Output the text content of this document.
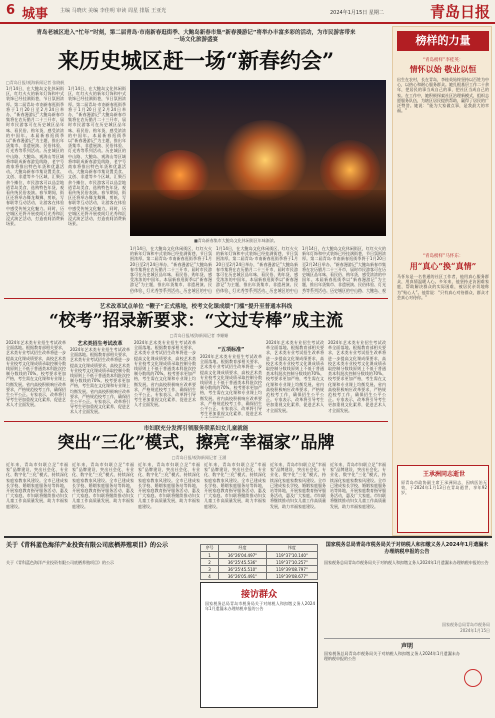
6 城事 主编 马晓庆 美编 李佳明 审读 周星 排版 王亚光	2024年1月15日 星期二	青岛日报
青岛老城区进入“忙年”时刻，第二届青岛·市南新春逛街季、大鲍岛新春市集“新春漫游记”将举办丰富多彩的活动，为市民游客带来一场文化旅游盛宴
来历史城区赶一场“新春约会”
□青岛日报/观海新闻记者 张晓帆
1月14日，在大鲍岛文化休闲街区，红红火火的新年灯饰和中式装饰已经挂满街巷，节日氛围浓厚。第二届青岛·市南新春逛街季将于1月20日至2月24日举办，“新春漫游记”大鲍岛新春市集将在农历腊月二十三开市，届时市民游客可在历史城区品年味、看民俗、购年货，感受浓浓的中国年。本届新春逛街季以“新春漫游记”为主题，推出年货集市、非遗展演、民俗体验、灯光秀等系列活动。历史城区的中山路、大鲍岛、观海山等区域将串联成新春游览线路，老字号商家将推出特色年货和优惠活动。大鲍岛新春市集设置美食、文创、非遗等多个区域，汇聚百余个摊位，市民游客可以品尝地道青岛美食，选购特色年货，观看传统民俗表演。春节期间，街区还将举办舞龙舞狮、剪纸、写春联等互动活动，让游客在体验中感受传统文化魅力。同时，历史城区还将开展夜间灯光秀和沉浸式演艺活动，打造夜间消费新场景。
1月14日，在大鲍岛文化休闲街区，红红火火的新年灯饰和中式装饰已经挂满街巷，节日氛围浓厚。第二届青岛·市南新春逛街季将于1月20日至2月24日举办，“新春漫游记”大鲍岛新春市集将在农历腊月二十三开市，届时市民游客可在历史城区品年味、看民俗、购年货，感受浓浓的中国年。本届新春逛街季以“新春漫游记”为主题，推出年货集市、非遗展演、民俗体验、灯光秀等系列活动。历史城区的中山路、大鲍岛、观海山等区域将串联成新春游览线路，老字号商家将推出特色年货和优惠活动。大鲍岛新春市集设置美食、文创、非遗等多个区域，汇聚百余个摊位，市民游客可以品尝地道青岛美食，选购特色年货，观看传统民俗表演。春节期间，街区还将举办舞龙舞狮、剪纸、写春联等互动活动，让游客在体验中感受传统文化魅力。同时，历史城区还将开展夜间灯光秀和沉浸式演艺活动，打造夜间消费新场景。
■青岛新春集市大鲍岛文化休闲街区年味渐浓。
1月14日，在大鲍岛文化休闲街区，红红火火的新年灯饰和中式装饰已经挂满街巷，节日氛围浓厚。第二届青岛·市南新春逛街季将于1月20日至2月24日举办，“新春漫游记”大鲍岛新春市集将在农历腊月二十三开市，届时市民游客可在历史城区品年味、看民俗、购年货，感受浓浓的中国年。本届新春逛街季以“新春漫游记”为主题，推出年货集市、非遗展演、民俗体验、灯光秀等系列活动。历史城区的中山
1月14日，在大鲍岛文化休闲街区，红红火火的新年灯饰和中式装饰已经挂满街巷，节日氛围浓厚。第二届青岛·市南新春逛街季将于1月20日至2月24日举办，“新春漫游记”大鲍岛新春市集将在农历腊月二十三开市，届时市民游客可在历史城区品年味、看民俗、购年货，感受浓浓的中国年。本届新春逛街季以“新春漫游记”为主题，推出年货集市、非遗展演、民俗体验、灯光秀等系列活动。历史城区的中山
1月14日，在大鲍岛文化休闲街区，红红火火的新年灯饰和中式装饰已经挂满街巷，节日氛围浓厚。第二届青岛·市南新春逛街季将于1月20日至2月24日举办，“新春漫游记”大鲍岛新春市集将在农历腊月二十三开市，届时市民游客可在历史城区品年味、看民俗、购年货，感受浓浓的中国年。本届新春逛街季以“新春漫游记”为主题，推出年货集市、非遗展演、民俗体验、灯光秀等系列活动。历史城区的中山路、大鲍岛、观
艺术改革试点单位 “鞭子”正式落地，校考文化课成绩“门槛”提升至普通本科线
“校考”招录新要求：“文过专棒”成主流
□青岛日报/观海新闻记者 李姗姗
2024年艺术类专业招生考试改革全面落地。根据教育部相关要求，艺术类专业考试招生改革将进一步提高文化课成绩要求，高校艺术类专业校考文化课成绩录取控制分数线原则上不低于普通类本科批次控制分数线的70%。校考要求更加严格，考生需在文化课和专业课上均衡发展。省内高校积极响应改革要求，严格规范校考工作，确保招生公平公正。专家表示，改革将引导考生更加重视文化素养，促进艺术人才全面发展。
艺术类招生考试改革
2024年艺术类专业招生考试改革全面落地。根据教育部相关要求，艺术类专业考试招生改革将进一步提高文化课成绩要求，高校艺术类专业校考文化课成绩录取控制分数线原则上不低于普通类本科批次控制分数线的70%。校考要求更加严格，考生需在文化课和专业课上均衡发展。省内高校积极响应改革要求，严格规范校考工作，确保招生公平公正。专家表示，改革将引导考生更加重视文化素养，促进艺术人才全面发展。
2024年艺术类专业招生考试改革全面落地。根据教育部相关要求，艺术类专业考试招生改革将进一步提高文化课成绩要求，高校艺术类专业校考文化课成绩录取控制分数线原则上不低于普通类本科批次控制分数线的70%。校考要求更加严格，考生需在文化课和专业课上均衡发展。省内高校积极响应改革要求，严格规范校考工作，确保招生公平公正。专家表示，改革将引导考生更加重视文化素养，促进艺术人才全面发展。
“五项标准”
2024年艺术类专业招生考试改革全面落地。根据教育部相关要求，艺术类专业考试招生改革将进一步提高文化课成绩要求，高校艺术类专业校考文化课成绩录取控制分数线原则上不低于普通类本科批次控制分数线的70%。校考要求更加严格，考生需在文化课和专业课上均衡发展。省内高校积极响应改革要求，严格规范校考工作，确保招生公平公正。专家表示，改革将引导考生更加重视文化素养，促进艺术
2024年艺术类专业招生考试改革全面落地。根据教育部相关要求，艺术类专业考试招生改革将进一步提高文化课成绩要求，高校艺术类专业校考文化课成绩录取控制分数线原则上不低于普通类本科批次控制分数线的70%。校考要求更加严格，考生需在文化课和专业课上均衡发展。省内高校积极响应改革要求，严格规范校考工作，确保招生公平公正。专家表示，改革将引导考生更加重视文化素养，促进艺术人才全面发展。
2024年艺术类专业招生考试改革全面落地。根据教育部相关要求，艺术类专业考试招生改革将进一步提高文化课成绩要求，高校艺术类专业校考文化课成绩录取控制分数线原则上不低于普通类本科批次控制分数线的70%。校考要求更加严格，考生需在文化课和专业课上均衡发展。省内高校积极响应改革要求，严格规范校考工作，确保招生公平公正。专家表示，改革将引导考生更加重视文化素养，促进艺术人才全面发展。
市妇联充分发挥引领服务联系妇女儿童就能
突出“三化”模式，擦亮“幸福家”品牌
□青岛日报/观海新闻记者 王涵
近年来，青岛市妇联立足“幸福家”品牌建设，突出社会化、专业化、数字化“三化”模式，持续深化家庭家教家风建设。全市已建成家长学校、婚姻家庭服务站等阵地，开展家庭教育指导服务活动，惠及广大家庭。市妇联将继续推动妇女儿童工作高质量发展，助力幸福家庭建设。
近年来，青岛市妇联立足“幸福家”品牌建设，突出社会化、专业化、数字化“三化”模式，持续深化家庭家教家风建设。全市已建成家长学校、婚姻家庭服务站等阵地，开展家庭教育指导服务活动，惠及广大家庭。市妇联将继续推动妇女儿童工作高质量发展，助力幸福家庭建设。
近年来，青岛市妇联立足“幸福家”品牌建设，突出社会化、专业化、数字化“三化”模式，持续深化家庭家教家风建设。全市已建成家长学校、婚姻家庭服务站等阵地，开展家庭教育指导服务活动，惠及广大家庭。市妇联将继续推动妇女儿童工作高质量发展，助力幸福家庭建设。
近年来，青岛市妇联立足“幸福家”品牌建设，突出社会化、专业化、数字化“三化”模式，持续深化家庭家教家风建设。全市已建成家长学校、婚姻家庭服务站等阵地，开展家庭教育指导服务活动，惠及广大家庭。市妇联将继续推动妇女儿童工作高质量发展，助力幸福家庭建设。
近年来，青岛市妇联立足“幸福家”品牌建设，突出社会化、专业化、数字化“三化”模式，持续深化家庭家教家风建设。全市已建成家长学校、婚姻家庭服务站等阵地，开展家庭教育指导服务活动，惠及广大家庭。市妇联将继续推动妇女儿童工作高质量发展，助力幸福家庭建设。
近年来，青岛市妇联立足“幸福家”品牌建设，突出社会化、专业化、数字化“三化”模式，持续深化家庭家教家风建设。全市已建成家长学校、婚姻家庭服务站等阵地，开展家庭教育指导服务活动，惠及广大家庭。市妇联将继续推动妇女儿童工作高质量发展，助力幸福家庭建设。
榜样的力量
“青岛榜样”李桂英：
情怀以始 敬业以恒
出生在农村，长在青岛，李桂英始终坚持以百姓为中心，以热心和耐心服务群众。她扎根基层工作二十余年，把居民的事当成自己的事，把社区当成自己的家。在工作中，她积极探索社区治理新模式，组织志愿服务队伍，为辖区居民提供帮助，赢得了居民的广泛赞誉。她说：“能为大家做点事，是我最大的幸福。”
“青岛榜样”马怀东：
用“真心”换“真情”
马怀东是一名普通的社区工作者，他用真心服务群众，用真情温暖人心。多年来，他坚持走访困难家庭，帮助解决群众的实际困难，被居民亲切地称为“贴心人”。他常说：“只有真心对待群众，群众才会真心对待你。”
王承洲同志逝世
原青岛市政协副主席王承洲同志，因病医治无效，于2024年1月13日在青岛逝世，享年92岁。
关于《青科蓝色海洋产业投资有限公司底栖养殖项目》的公示
关于《青科蓝色海洋产业投资有限公司底栖养殖项目》的公示
序号	经度	纬度
1	36°26'04.497"	119°37'10.140"
2	36°25'45.536"	119°37'10.257"
3	36°25'45.510"	119°39'08.797"
4	36°26'05.491"	119°39'08.677"
接访群众
国家税务总局青岛市税务局关于对纳税人和扣缴义务人2024年1月遗漏未办理纳税申报的公告
国家税务总局青岛市税务局关于对纳税人和扣缴义务人2024年1月遗漏未办理纳税申报的公告
国家税务总局青岛市税务局关于对纳税人和扣缴义务人2024年1月遗漏未办理纳税申报的公告
国家税务总局青岛市税务局
2024年1月15日
声明
国家税务总局青岛市税务局关于对纳税人和扣缴义务人2024年1月遗漏未办理纳税申报的公告
